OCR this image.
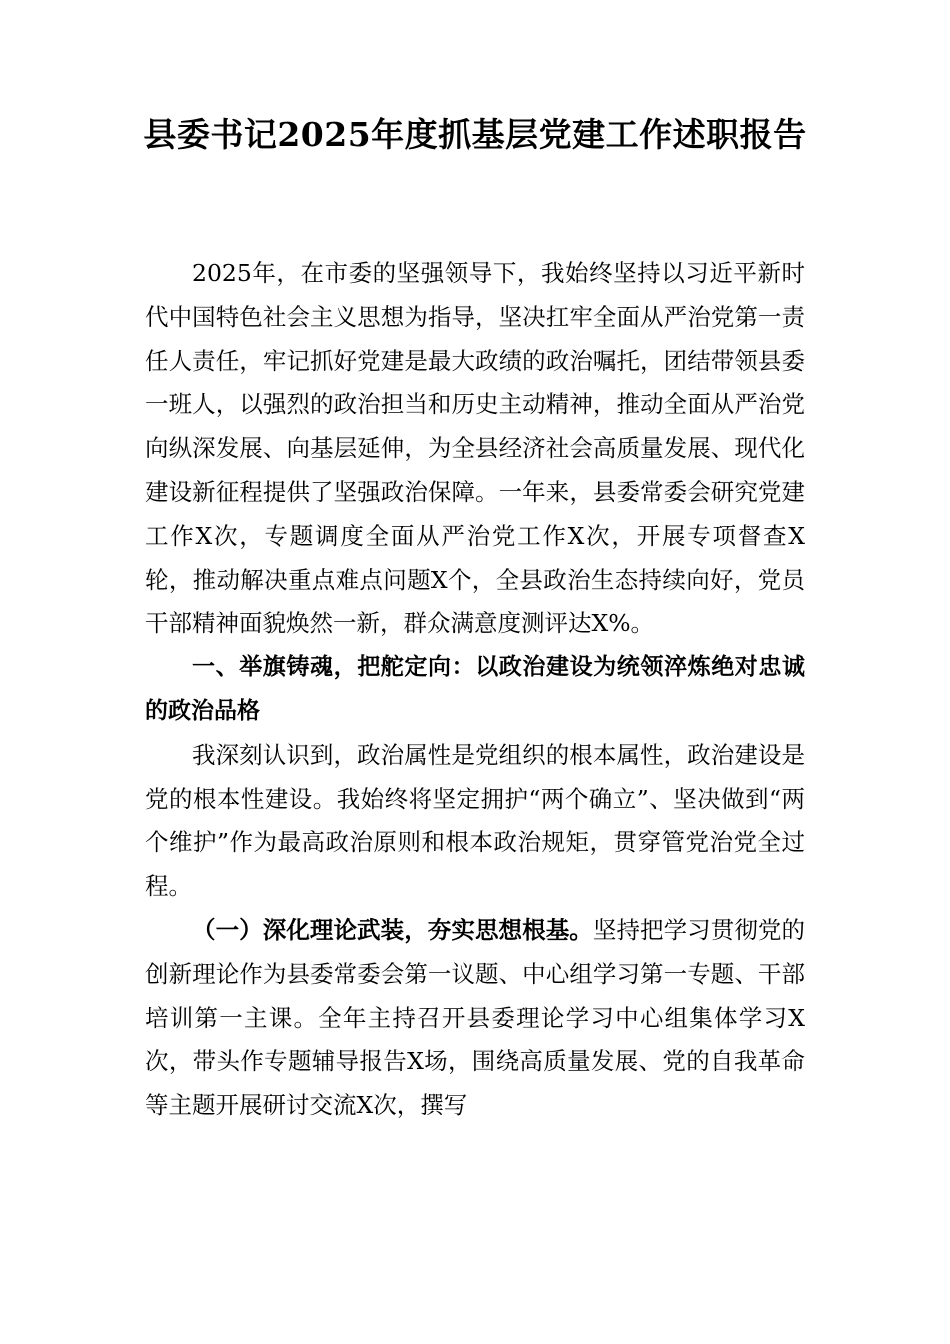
县委书记2025年度抓基层党建工作述职报告

2025年，在市委的坚强领导下，我始终坚持以习近平新时代中国特色社会主义思想为指导，坚决扛牢全面从严治党第一责任人责任，牢记抓好党建是最大政绩的政治嘱托，团结带领县委一班人，以强烈的政治担当和历史主动精神，推动全面从严治党向纵深发展、向基层延伸，为全县经济社会高质量发展、现代化建设新征程提供了坚强政治保障。一年来，县委常委会研究党建工作X次，专题调度全面从严治党工作X次，开展专项督查X轮，推动解决重点难点问题X个，全县政治生态持续向好，党员干部精神面貌焕然一新，群众满意度测评达X%。

一、举旗铸魂，把舵定向：以政治建设为统领淬炼绝对忠诚的政治品格

我深刻认识到，政治属性是党组织的根本属性，政治建设是党的根本性建设。我始终将坚定拥护“两个确立”、坚决做到“两个维护”作为最高政治原则和根本政治规矩，贯穿管党治党全过程。

（一）深化理论武装，夯实思想根基。坚持把学习贯彻党的创新理论作为县委常委会第一议题、中心组学习第一专题、干部培训第一主课。全年主持召开县委理论学习中心组集体学习X次，带头作专题辅导报告X场，围绕高质量发展、党的自我革命等主题开展研讨交流X次，撰写
